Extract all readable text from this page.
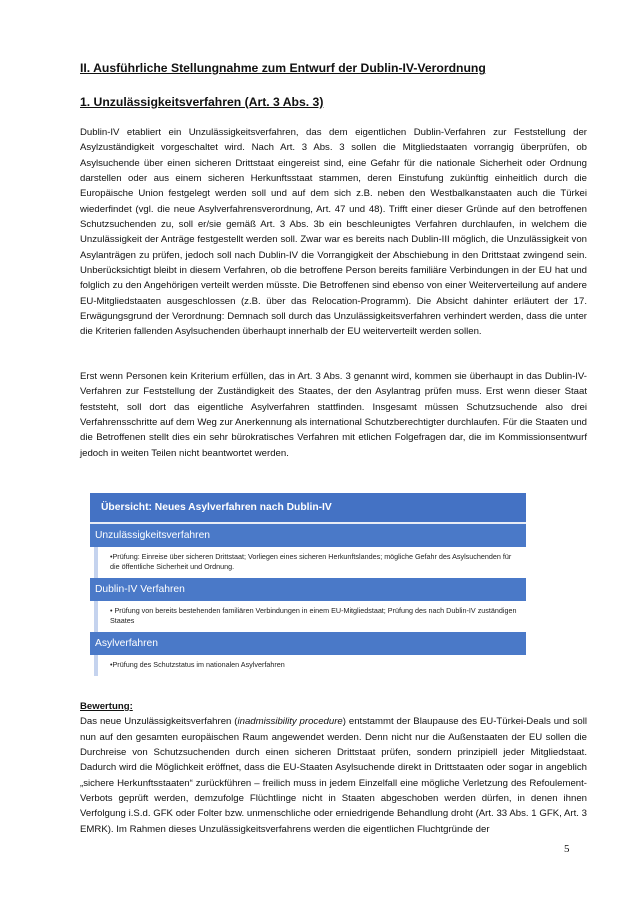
II. Ausführliche Stellungnahme zum Entwurf der Dublin-IV-Verordnung
1. Unzulässigkeitsverfahren (Art. 3 Abs. 3)

Dublin-IV etabliert ein Unzulässigkeitsverfahren, das dem eigentlichen Dublin-Verfahren zur Feststellung der Asylzuständigkeit vorgeschaltet wird. Nach Art. 3 Abs. 3 sollen die Mitgliedstaaten vorrangig überprüfen, ob Asylsuchende über einen sicheren Drittstaat eingereist sind, eine Gefahr für die nationale Sicherheit oder Ordnung darstellen oder aus einem sicheren Herkunftsstaat stammen, deren Einstufung zukünftig einheitlich durch die Europäische Union festgelegt werden soll und auf dem sich z.B. neben den Westbalkanstaaten auch die Türkei wiederfindet (vgl. die neue Asylverfahrensverordnung, Art. 47 und 48). Trifft einer dieser Gründe auf den betroffenen Schutzsuchenden zu, soll er/sie gemäß Art. 3 Abs. 3b ein beschleunigtes Verfahren durchlaufen, in welchem die Unzulässigkeit der Anträge festgestellt werden soll. Zwar war es bereits nach Dublin-III möglich, die Unzulässigkeit von Asylanträgen zu prüfen, jedoch soll nach Dublin-IV die Vorrangigkeit der Abschiebung in den Drittstaat zwingend sein. Unberücksichtigt bleibt in diesem Verfahren, ob die betroffene Person bereits familiäre Verbindungen in der EU hat und folglich zu den Angehörigen verteilt werden müsste. Die Betroffenen sind ebenso von einer Weiterverteilung auf andere EU-Mitgliedstaaten ausgeschlossen (z.B. über das Relocation-Programm). Die Absicht dahinter erläutert der 17. Erwägungsgrund der Verordnung: Demnach soll durch das Unzulässigkeitsverfahren verhindert werden, dass die unter die Kriterien fallenden Asylsuchenden überhaupt innerhalb der EU weiterverteilt werden sollen.

Erst wenn Personen kein Kriterium erfüllen, das in Art. 3 Abs. 3 genannt wird, kommen sie überhaupt in das Dublin-IV-Verfahren zur Feststellung der Zuständigkeit des Staates, der den Asylantrag prüfen muss. Erst wenn dieser Staat feststeht, soll dort das eigentliche Asylverfahren stattfinden. Insgesamt müssen Schutzsuchende also drei Verfahrensschritte auf dem Weg zur Anerkennung als international Schutzberechtigter durchlaufen. Für die Staaten und die Betroffenen stellt dies ein sehr bürokratisches Verfahren mit etlichen Folgefragen dar, die im Kommissionsentwurf jedoch in weiten Teilen nicht beantwortet werden.

Übersicht: Neues Asylverfahren nach Dublin-IV
Unzulässigkeitsverfahren
•Prüfung: Einreise über sicheren Drittstaat; Vorliegen eines sicheren Herkunftslandes; mögliche Gefahr des Asylsuchenden für die öffentliche Sicherheit und Ordnung.
Dublin-IV Verfahren
• Prüfung von bereits bestehenden familiären Verbindungen in einem EU-Mitgliedstaat; Prüfung des nach Dublin-IV zuständigen Staates
Asylverfahren
•Prüfung des Schutzstatus im nationalen Asylverfahren

Bewertung:
Das neue Unzulässigkeitsverfahren (inadmissibility procedure) entstammt der Blaupause des EU-Türkei-Deals und soll nun auf den gesamten europäischen Raum angewendet werden. Denn nicht nur die Außenstaaten der EU sollen die Durchreise von Schutzsuchenden durch einen sicheren Drittstaat prüfen, sondern prinzipiell jeder Mitgliedstaat. Dadurch wird die Möglichkeit eröffnet, dass die EU-Staaten Asylsuchende direkt in Drittstaaten oder sogar in angeblich „sichere Herkunftsstaaten“ zurückführen – freilich muss in jedem Einzelfall eine mögliche Verletzung des Refoulement-Verbots geprüft werden, demzufolge Flüchtlinge nicht in Staaten abgeschoben werden dürfen, in denen ihnen Verfolgung i.S.d. GFK oder Folter bzw. unmenschliche oder erniedrigende Behandlung droht (Art. 33 Abs. 1 GFK, Art. 3 EMRK). Im Rahmen dieses Unzulässigkeitsverfahrens werden die eigentlichen Fluchtgründe der

5
